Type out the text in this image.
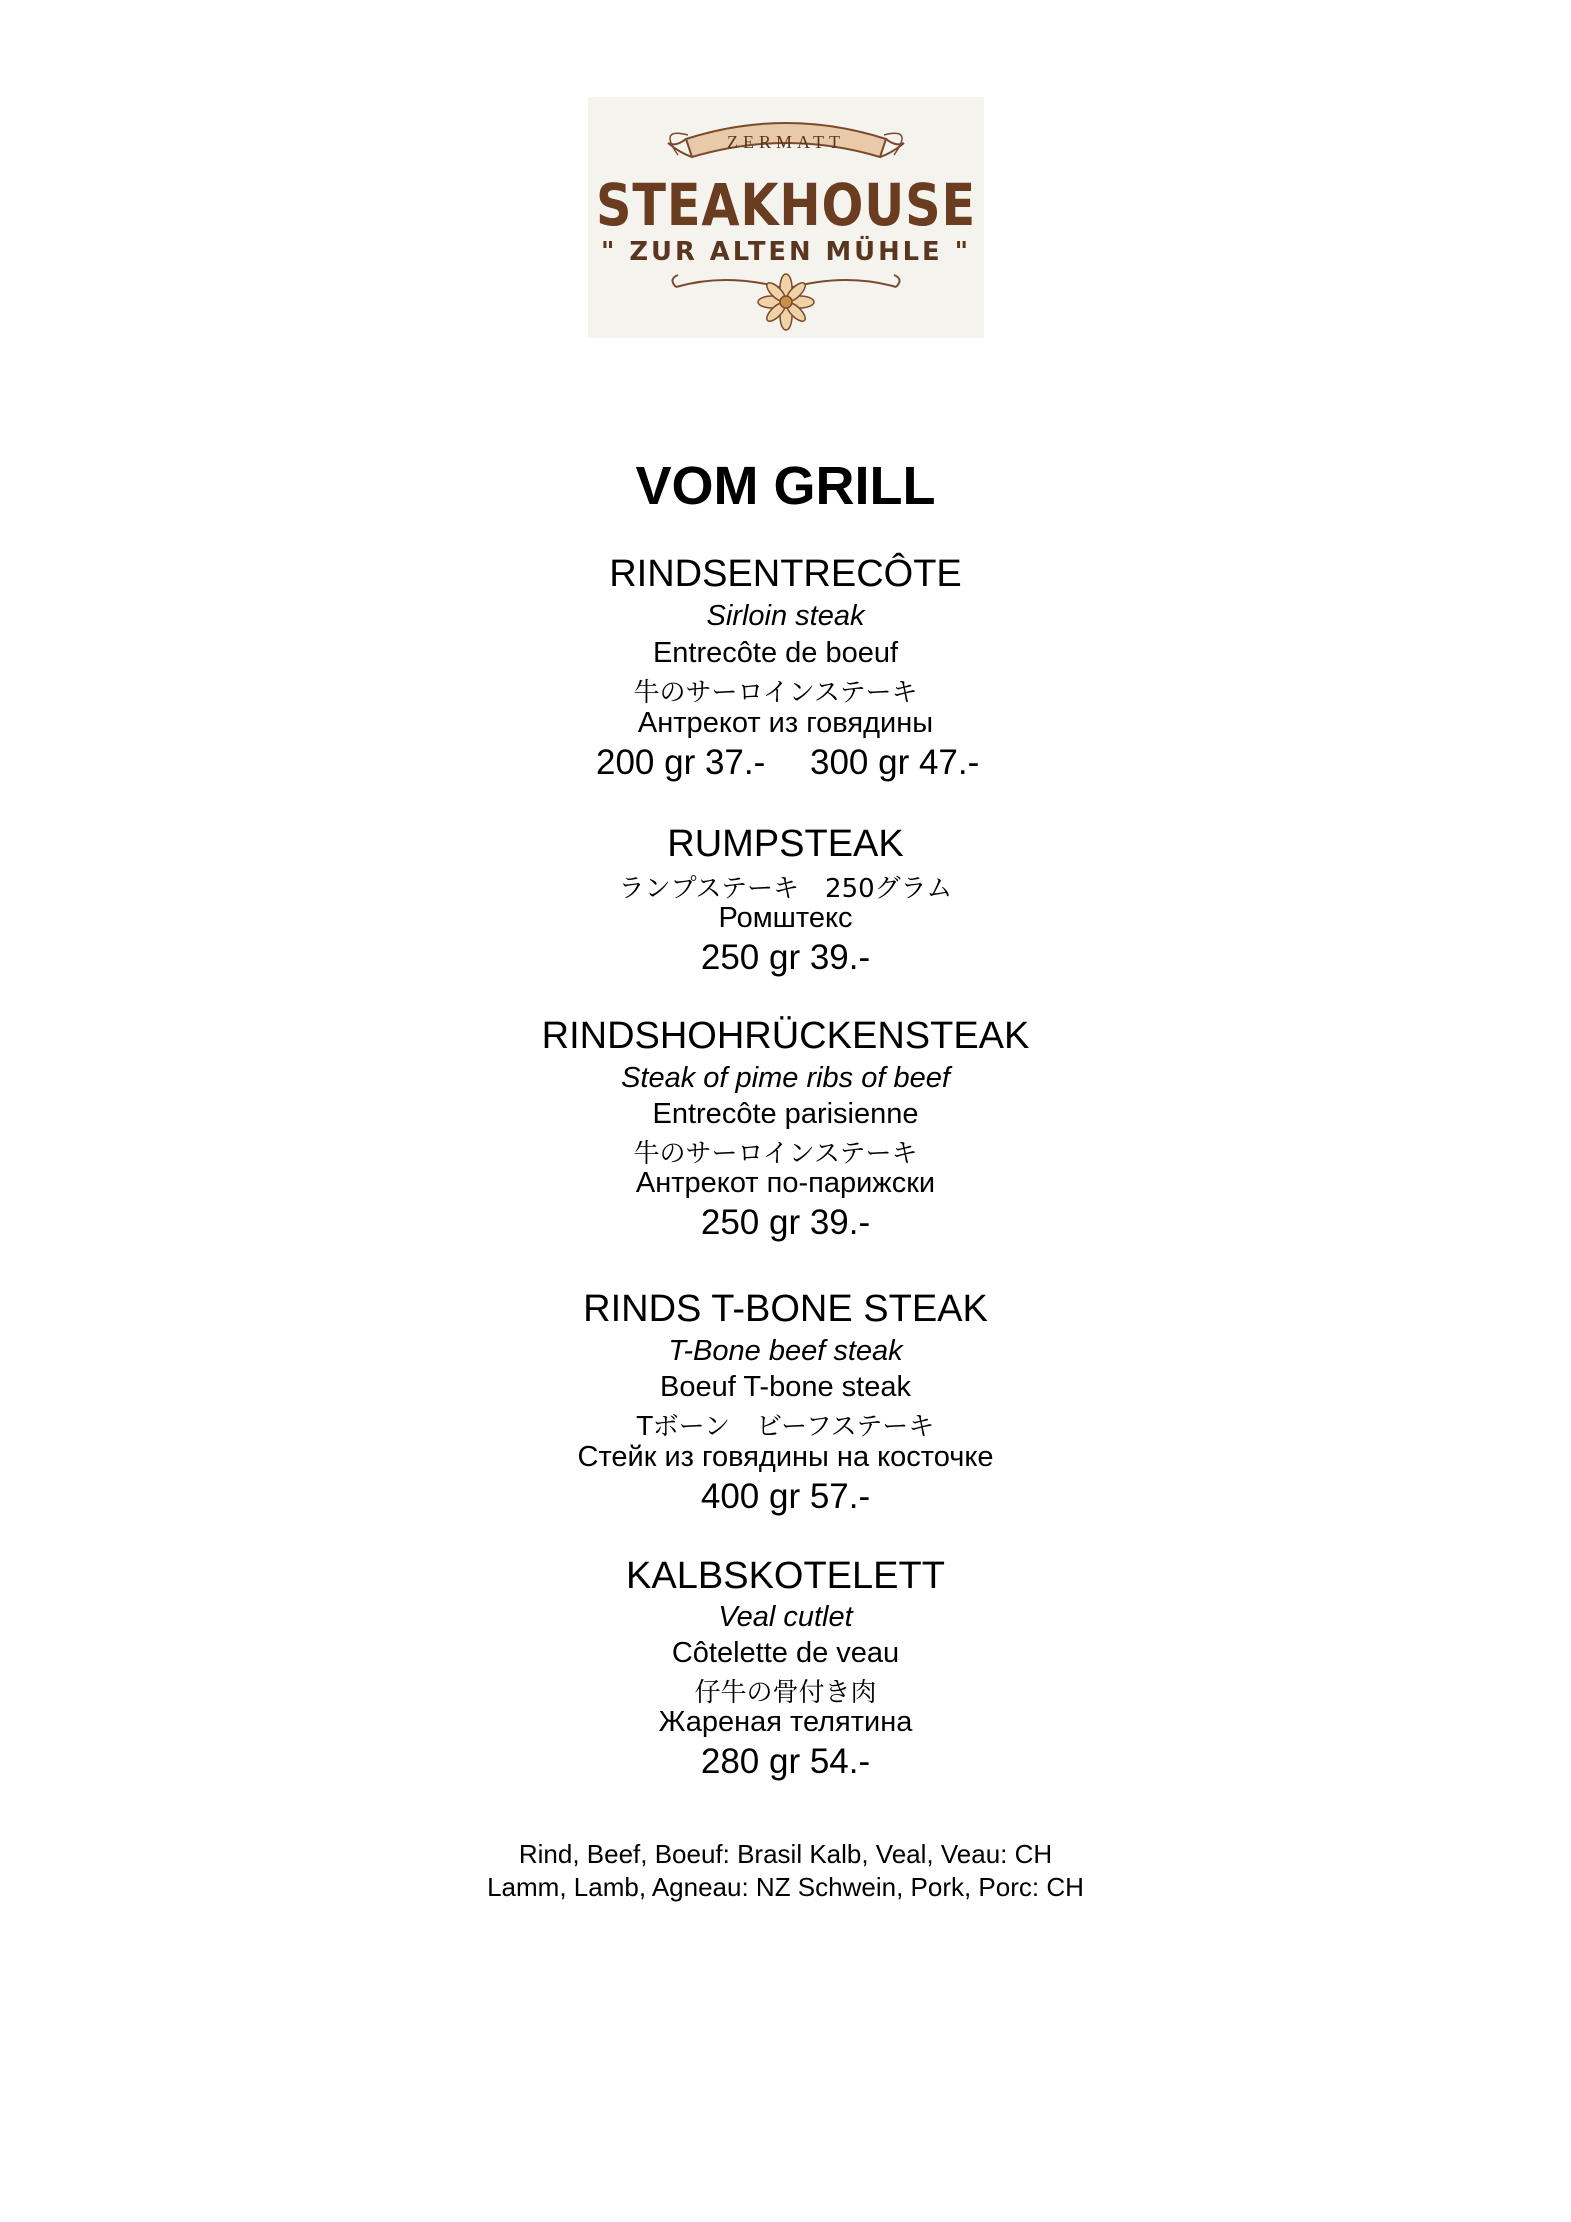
ZERMATT
STEAKHOUSE
" ZUR ALTEN MÜHLE "
VOM GRILL
RINDSENTRECÔTE
Sirloin steak
Entrecôte de boeuf
牛のサーロインステーキ
Антрекот из говядины
200 gr 37.- 300 gr 47.-
RUMPSTEAK
ランプステーキ　250グラム
Ромштекс
250 gr 39.-
RINDSHOHRÜCKENSTEAK
Steak of pime ribs of beef
Entrecôte parisienne
牛のサーロインステーキ
Антрекот по-парижски
250 gr 39.-
RINDS T-BONE STEAK
T-Bone beef steak
Boeuf T-bone steak
Tボーン　ビーフステーキ
Стейк из говядины на косточке
400 gr 57.-
KALBSKOTELETT
Veal cutlet
Côtelette de veau
仔牛の骨付き肉
Жареная телятина
280 gr 54.-
Rind, Beef, Boeuf: Brasil Kalb, Veal, Veau: CH
Lamm, Lamb, Agneau: NZ Schwein, Pork, Porc: CH
